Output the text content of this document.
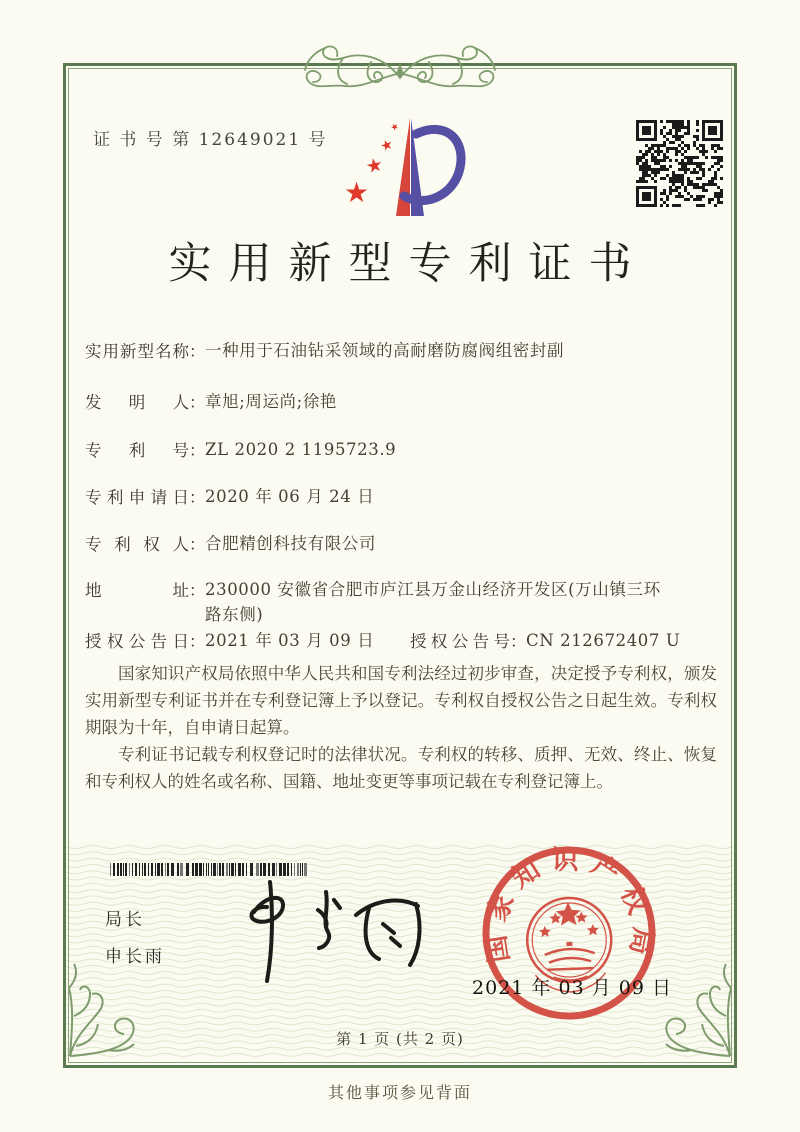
证 书 号 第 12649021 号
★
★
★
★
实用新型专利证书
实用新型名称：一种用于石油钻采领域的高耐磨防腐阀组密封副
发明人：章旭;周运尚;徐艳
专利号：ZL 2020 2 1195723.9
专利申请日：2020 年 06 月 24 日
专利权人：合肥精创科技有限公司
地址：230000 安徽省合肥市庐江县万金山经济开发区(万山镇三环路东侧)
授权公告日：2021 年 03 月 09 日 授权公告号：CN 212672407 U

国家知识产权局依照中华人民共和国专利法经过初步审查，决定授予专利权，颁发实用新型专利证书并在专利登记簿上予以登记。专利权自授权公告之日起生效。专利权期限为十年，自申请日起算。

专利证书记载专利权登记时的法律状况。专利权的转移、质押、无效、终止、恢复和专利权人的姓名或名称、国籍、地址变更等事项记载在专利登记簿上。

局长
申长雨	国家知识产权局
2021 年 03 月 09 日
第 1 页 (共 2 页)
其他事项参见背面
